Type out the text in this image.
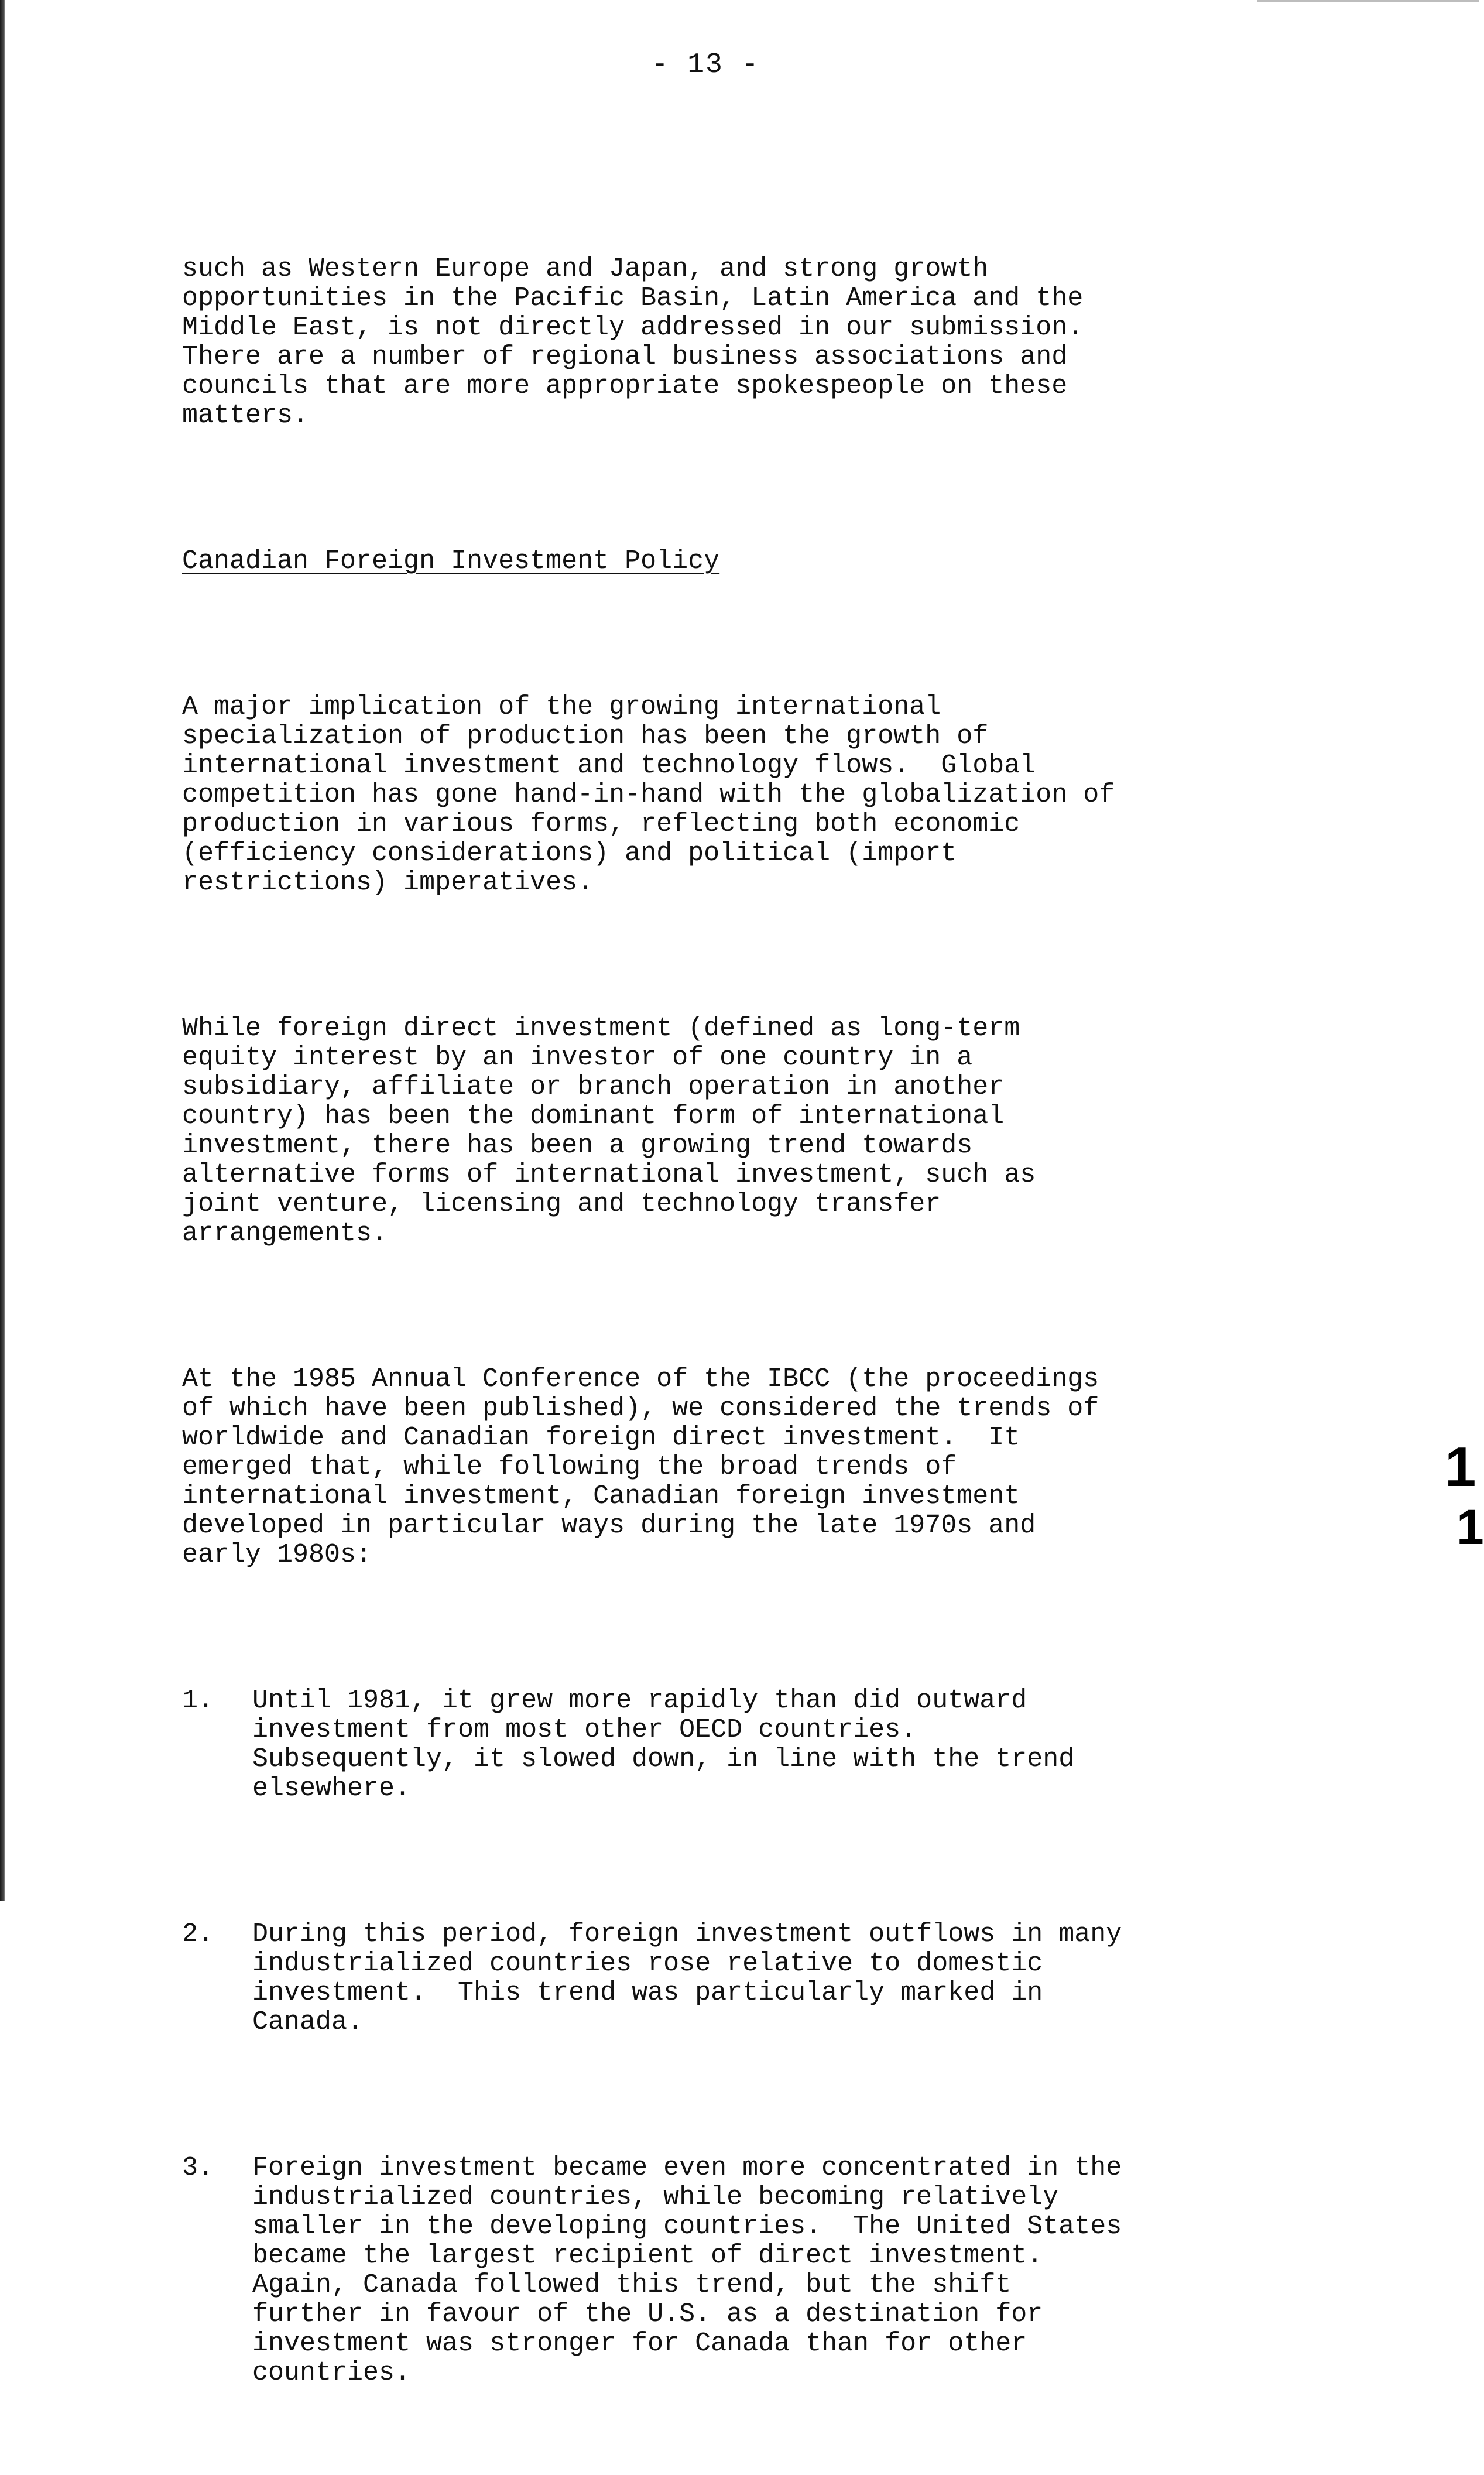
- 13 -

such as Western Europe and Japan, and strong growth
opportunities in the Pacific Basin, Latin America and the
Middle East, is not directly addressed in our submission.
There are a number of regional business associations and
councils that are more appropriate spokespeople on these
matters.

Canadian Foreign Investment Policy

A major implication of the growing international
specialization of production has been the growth of
international investment and technology flows.  Global
competition has gone hand-in-hand with the globalization of
production in various forms, reflecting both economic
(efficiency considerations) and political (import
restrictions) imperatives.

While foreign direct investment (defined as long-term
equity interest by an investor of one country in a
subsidiary, affiliate or branch operation in another
country) has been the dominant form of international
investment, there has been a growing trend towards
alternative forms of international investment, such as
joint venture, licensing and technology transfer
arrangements.

At the 1985 Annual Conference of the IBCC (the proceedings
of which have been published), we considered the trends of
worldwide and Canadian foreign direct investment.  It
emerged that, while following the broad trends of
international investment, Canadian foreign investment
developed in particular ways during the late 1970s and
early 1980s:

1. Until 1981, it grew more rapidly than did outward
investment from most other OECD countries.
Subsequently, it slowed down, in line with the trend
elsewhere.

2. During this period, foreign investment outflows in many
industrialized countries rose relative to domestic
investment.  This trend was particularly marked in
Canada.

3. Foreign investment became even more concentrated in the
industrialized countries, while becoming relatively
smaller in the developing countries.  The United States
became the largest recipient of direct investment.
Again, Canada followed this trend, but the shift
further in favour of the U.S. as a destination for
investment was stronger for Canada than for other
countries.

1
1
